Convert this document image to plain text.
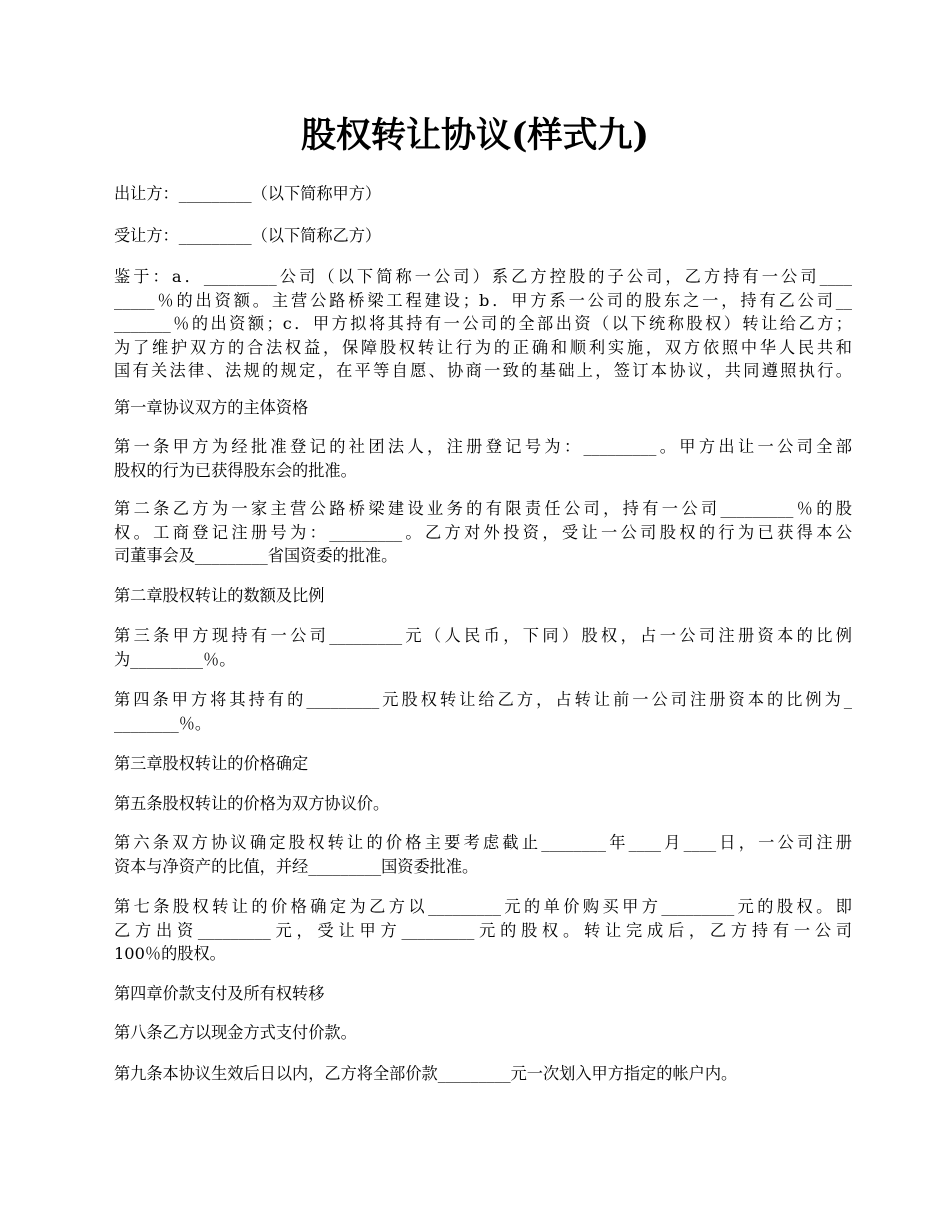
股权转让协议(样式九)

出让方：_________（以下简称甲方）

受让方：_________（以下简称乙方）

鉴于：a．_________公司（以下简称一公司）系乙方控股的子公司，乙方持有一公司____
_____％的出资额。主营公路桥梁工程建设；b．甲方系一公司的股东之一，持有乙公司__
_______％的出资额；c．甲方拟将其持有一公司的全部出资（以下统称股权）转让给乙方；
为了维护双方的合法权益，保障股权转让行为的正确和顺利实施，双方依照中华人民共和
国有关法律、法规的规定，在平等自愿、协商一致的基础上，签订本协议，共同遵照执行。

第一章协议双方的主体资格

第一条甲方为经批准登记的社团法人，注册登记号为：_________。甲方出让一公司全部
股权的行为已获得股东会的批准。

第二条乙方为一家主营公路桥梁建设业务的有限责任公司，持有一公司_________％的股
权。工商登记注册号为：_________。乙方对外投资，受让一公司股权的行为已获得本公
司董事会及_________省国资委的批准。

第二章股权转让的数额及比例

第三条甲方现持有一公司_________元（人民币，下同）股权，占一公司注册资本的比例
为_________％。

第四条甲方将其持有的_________元股权转让给乙方，占转让前一公司注册资本的比例为_
________％。

第三章股权转让的价格确定

第五条股权转让的价格为双方协议价。

第六条双方协议确定股权转让的价格主要考虑截止________年____月____日，一公司注册
资本与净资产的比值，并经_________国资委批准。

第七条股权转让的价格确定为乙方以_________元的单价购买甲方_________元的股权。即
乙方出资_________元，受让甲方_________元的股权。转让完成后，乙方持有一公司
100％的股权。

第四章价款支付及所有权转移

第八条乙方以现金方式支付价款。

第九条本协议生效后日以内，乙方将全部价款_________元一次划入甲方指定的帐户内。
